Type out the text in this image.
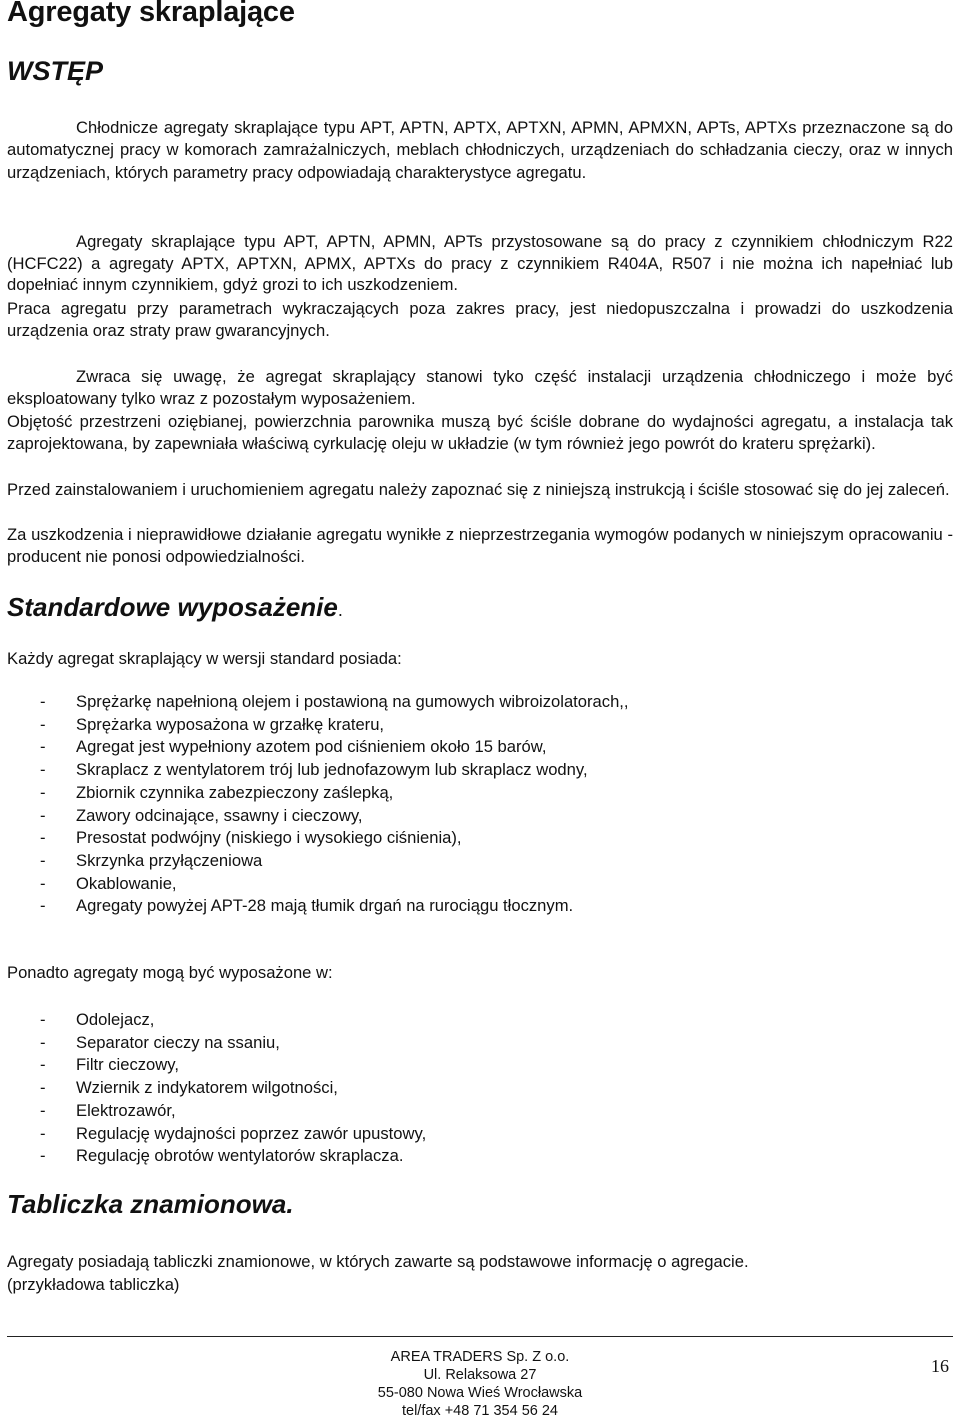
Agregaty skraplające
WSTĘP

Chłodnicze agregaty skraplające typu APT, APTN, APTX, APTXN, APMN, APMXN, APTs, APTXs przeznaczone są do automatycznej pracy w komorach zamrażalniczych, meblach chłodniczych, urządzeniach do schładzania cieczy, oraz w innych urządzeniach, których parametry pracy odpowiadają charakterystyce agregatu.

Agregaty skraplające typu APT, APTN, APMN, APTs przystosowane są do pracy z czynnikiem chłodniczym R22 (HCFC22) a agregaty APTX, APTXN, APMX, APTXs do pracy z czynnikiem R404A, R507 i nie można ich napełniać lub dopełniać innym czynnikiem, gdyż grozi to ich uszkodzeniem.

Praca agregatu przy parametrach wykraczających poza zakres pracy, jest niedopuszczalna i prowadzi do uszkodzenia urządzenia oraz straty praw gwarancyjnych.

Zwraca się uwagę, że agregat skraplający stanowi tyko część instalacji urządzenia chłodniczego i może być eksploatowany tylko wraz z pozostałym wyposażeniem.

Objętość przestrzeni oziębianej, powierzchnia parownika muszą być ściśle dobrane do wydajności agregatu, a instalacja tak zaprojektowana, by zapewniała właściwą cyrkulację oleju w układzie (w tym również jego powrót do krateru sprężarki).

Przed zainstalowaniem i uruchomieniem agregatu należy zapoznać się z niniejszą instrukcją i ściśle stosować się do jej zaleceń.

Za uszkodzenia i nieprawidłowe działanie agregatu wynikłe z nieprzestrzegania wymogów podanych w niniejszym opracowaniu - producent nie ponosi odpowiedzialności.

Standardowe wyposażenie.

Każdy agregat skraplający w wersji standard posiada:

- Sprężarkę napełnioną olejem i postawioną na gumowych wibroizolatorach,,
- Sprężarka wyposażona w grzałkę krateru,
- Agregat jest wypełniony azotem pod ciśnieniem około 15 barów,
- Skraplacz z wentylatorem trój lub jednofazowym lub skraplacz wodny,
- Zbiornik czynnika zabezpieczony zaślepką,
- Zawory odcinające, ssawny i cieczowy,
- Presostat podwójny (niskiego i wysokiego ciśnienia),
- Skrzynka przyłączeniowa
- Okablowanie,
- Agregaty powyżej APT-28 mają tłumik drgań na rurociągu tłocznym.

Ponadto agregaty mogą być wyposażone w:

- Odolejacz,
- Separator cieczy na ssaniu,
- Filtr cieczowy,
- Wziernik z indykatorem wilgotności,
- Elektrozawór,
- Regulację wydajności poprzez zawór upustowy,
- Regulację obrotów wentylatorów skraplacza.
Tabliczka znamionowa.

Agregaty posiadają tabliczki znamionowe, w których zawarte są podstawowe informację o agregacie.

(przykładowa tabliczka)

AREA TRADERS Sp. Z o.o.
Ul. Relaksowa 27
55-080 Nowa Wieś Wrocławska
tel/fax +48 71 354 56 24
16
